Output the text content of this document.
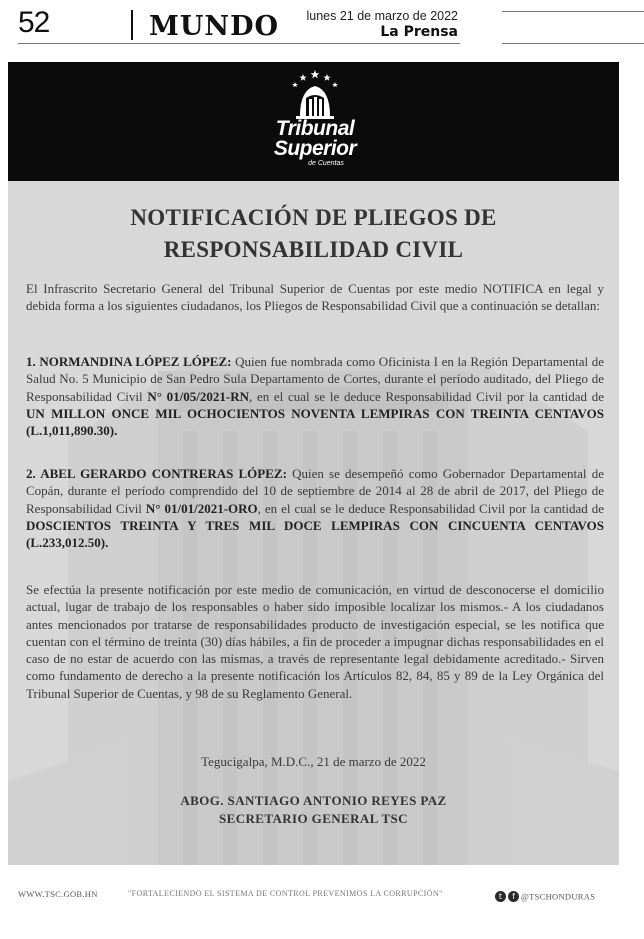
52	MUNDO	lunes 21 de marzo de 2022
La Prensa
Tribunal
Superior
de Cuentas
NOTIFICACIÓN DE PLIEGOS DE
RESPONSABILIDAD CIVIL

El Infrascrito Secretario General del Tribunal Superior de Cuentas por este medio NOTIFICA en legal y debida forma a los siguientes ciudadanos, los Pliegos de Responsabilidad Civil que a continuación se detallan:

1. NORMANDINA LÓPEZ LÓPEZ: Quien fue nombrada como Oficinista I en la Región Departamental de Salud No. 5 Municipio de San Pedro Sula Departamento de Cortes, durante el período auditado, del Pliego de Responsabilidad Civil N° 01/05/2021-RN, en el cual se le deduce Responsabilidad Civil por la cantidad de UN MILLON ONCE MIL OCHOCIENTOS NOVENTA LEMPIRAS CON TREINTA CENTAVOS (L.1,011,890.30).

2. ABEL GERARDO CONTRERAS LÓPEZ: Quien se desempeñó como Gobernador Departamental de Copán, durante el período comprendido del 10 de septiembre de 2014 al 28 de abril de 2017, del Pliego de Responsabilidad Civil N° 01/01/2021-ORO, en el cual se le deduce Responsabilidad Civil por la cantidad de DOSCIENTOS TREINTA Y TRES MIL DOCE LEMPIRAS CON CINCUENTA CENTAVOS (L.233,012.50).

Se efectúa la presente notificación por este medio de comunicación, en virtud de desconocerse el domicilio actual, lugar de trabajo de los responsables o haber sido imposible localizar los mismos.- A los ciudadanos antes mencionados por tratarse de responsabilidades producto de investigación especial, se les notifica que cuentan con el término de treinta (30) días hábiles, a fin de proceder a impugnar dichas responsabilidades en el caso de no estar de acuerdo con las mismas, a través de representante legal debidamente acreditado.- Sirven como fundamento de derecho a la presente notificación los Artículos 82, 84, 85 y 89 de la Ley Orgánica del Tribunal Superior de Cuentas, y 98 de su Reglamento General.

Tegucigalpa, M.D.C., 21 de marzo de 2022
ABOG. SANTIAGO ANTONIO REYES PAZ
SECRETARIO GENERAL TSC
WWW.TSC.GOB.HN	"FORTALECIENDO EL SISTEMA DE CONTROL PREVENIMOS LA CORRUPCIÓN"	t f @TSCHONDURAS
